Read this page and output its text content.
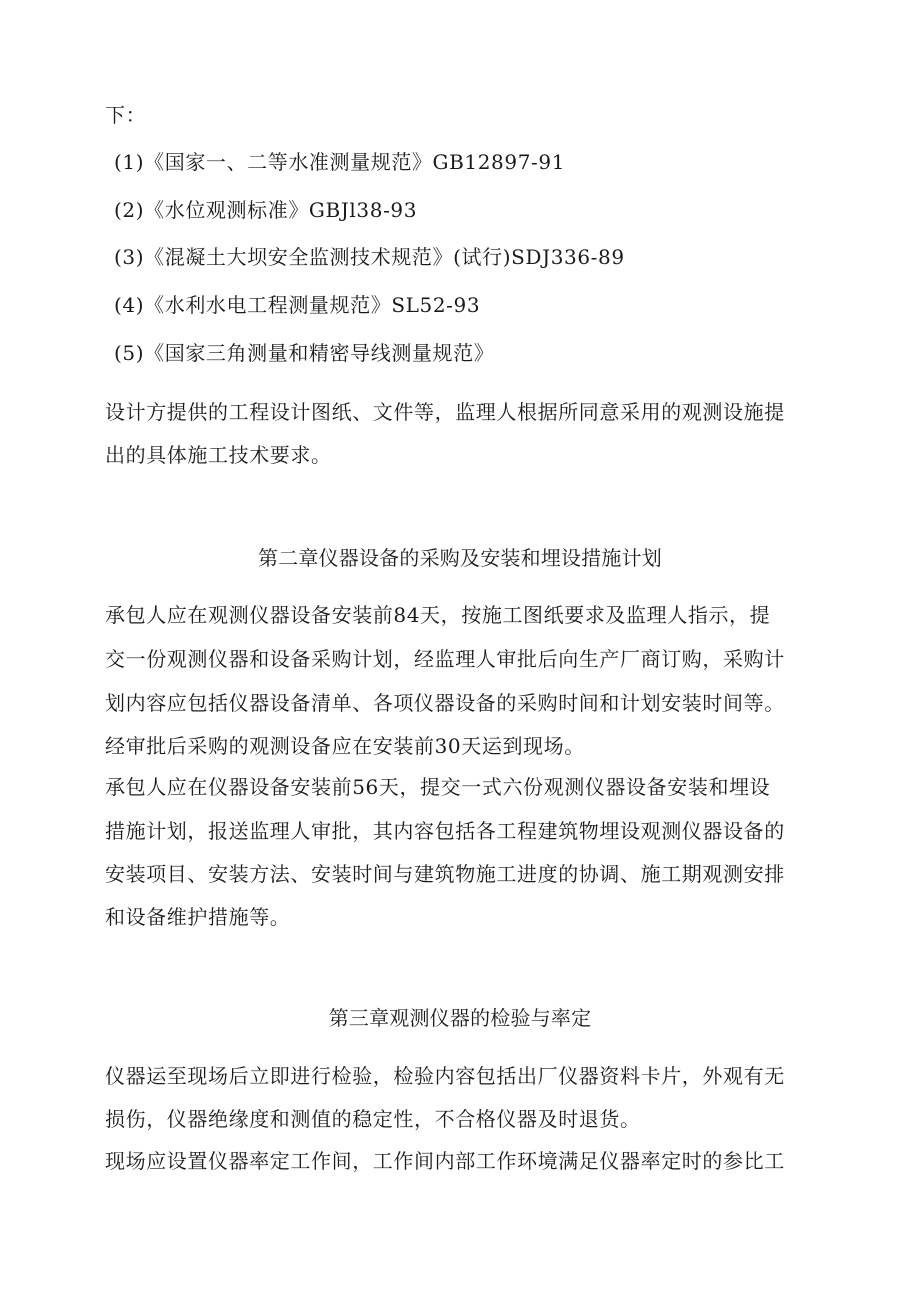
下：
(1)《国家一、二等水准测量规范》GB12897-91
(2)《水位观测标准》GBJl38-93
(3)《混凝土大坝安全监测技术规范》(试行)SDJ336-89
(4)《水利水电工程测量规范》SL52-93
(5)《国家三角测量和精密导线测量规范》
设计方提供的工程设计图纸、文件等，监理人根据所同意采用的观测设施提
出的具体施工技术要求。
第二章仪器设备的采购及安装和埋设措施计划
承包人应在观测仪器设备安装前84天，按施工图纸要求及监理人指示，提
交一份观测仪器和设备采购计划，经监理人审批后向生产厂商订购，采购计
划内容应包括仪器设备清单、各项仪器设备的采购时间和计划安装时间等。
经审批后采购的观测设备应在安装前30天运到现场。
承包人应在仪器设备安装前56天，提交一式六份观测仪器设备安装和埋设
措施计划，报送监理人审批，其内容包括各工程建筑物埋设观测仪器设备的
安装项目、安装方法、安装时间与建筑物施工进度的协调、施工期观测安排
和设备维护措施等。
第三章观测仪器的检验与率定
仪器运至现场后立即进行检验，检验内容包括出厂仪器资料卡片，外观有无
损伤，仪器绝缘度和测值的稳定性，不合格仪器及时退货。
现场应设置仪器率定工作间，工作间内部工作环境满足仪器率定时的参比工
